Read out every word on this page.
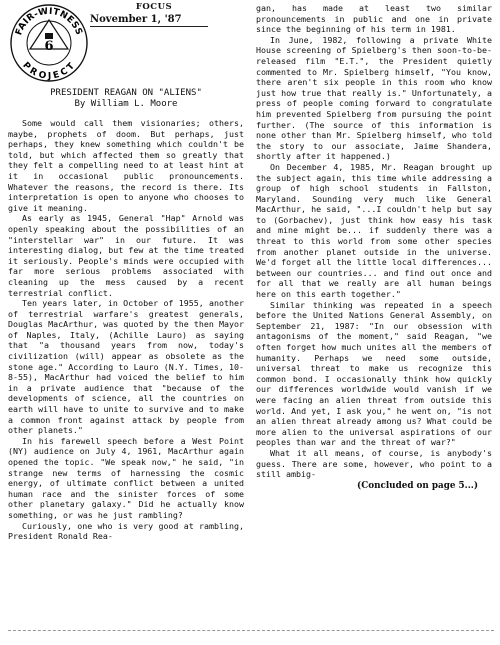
FAIR-WITNESS
PROJECT
6
FOCUS
November 1, '87
PRESIDENT REAGAN ON "ALIENS"
By William L. Moore

Some would call them visionaries; others, maybe, prophets of doom. But perhaps, just perhaps, they knew something which couldn't be told, but which affected them so greatly that they felt a compelling need to at least hint at it in occasional public pronouncements. Whatever the reasons, the record is there. Its interpretation is open to anyone who chooses to give it meaning.

As early as 1945, General "Hap" Arnold was openly speaking about the possibilities of an "interstellar war" in our future. It was interesting dialog, but few at the time treated it seriously. People's minds were occupied with far more serious problems associated with cleaning up the mess caused by a recent terrestrial conflict.

Ten years later, in October of 1955, another of terrestrial warfare's greatest generals, Douglas MacArthur, was quoted by the then Mayor of Naples, Italy, (Achille Lauro) as saying that "a thousand years from now, today's civilization (will) appear as obsolete as the stone age." According to Lauro (N.Y. Times, 10-8-55), MacArthur had voiced the belief to him in a private audience that "because of the developments of science, all the countries on earth will have to unite to survive and to make a common front against attack by people from other planets."

In his farewell speech before a West Point (NY) audience on July 4, 1961, MacArthur again opened the topic. "We speak now," he said, "in strange new terms of harnessing the cosmic energy, of ultimate conflict between a united human race and the sinister forces of some other planetary galaxy." Did he actually know something, or was he just rambling?

Curiously, one who is very good at rambling, President Ronald Rea-

gan, has made at least two similar pronouncements in public and one in private since the beginning of his term in 1981.

In June, 1982, following a private White House screening of Spielberg's then soon-to-be-released film "E.T.", the President quietly commented to Mr. Spielberg himself, "You know, there aren't six people in this room who know just how true that really is." Unfortunately, a press of people coming forward to congratulate him prevented Spielberg from pursuing the point further. (The source of this information is none other than Mr. Spielberg himself, who told the story to our associate, Jaime Shandera, shortly after it happened.)

On December 4, 1985, Mr. Reagan brought up the subject again, this time while addressing a group of high school students in Fallston, Maryland. Sounding very much like General MacArthur, he said, "...I couldn't help but say to (Gorbachev), just think how easy his task and mine might be... if suddenly there was a threat to this world from some other species from another planet outside in the universe. We'd forget all the little local differences... between our countries... and find out once and for all that we really are all human beings here on this earth together."

Similar thinking was repeated in a speech before the United Nations General Assembly, on September 21, 1987: "In our obsession with antagonisms of the moment," said Reagan, "we often forget how much unites all the members of humanity. Perhaps we need some outside, universal threat to make us recognize this common bond. I occasionally think how quickly our differences worldwide would vanish if we were facing an alien threat from outside this world. And yet, I ask you," he went on, "is not an alien threat already among us? What could be more alien to the universal aspirations of our peoples than war and the threat of war?"

What it all means, of course, is anybody's guess. There are some, however, who point to a still ambig-

(Concluded on page 5...)
